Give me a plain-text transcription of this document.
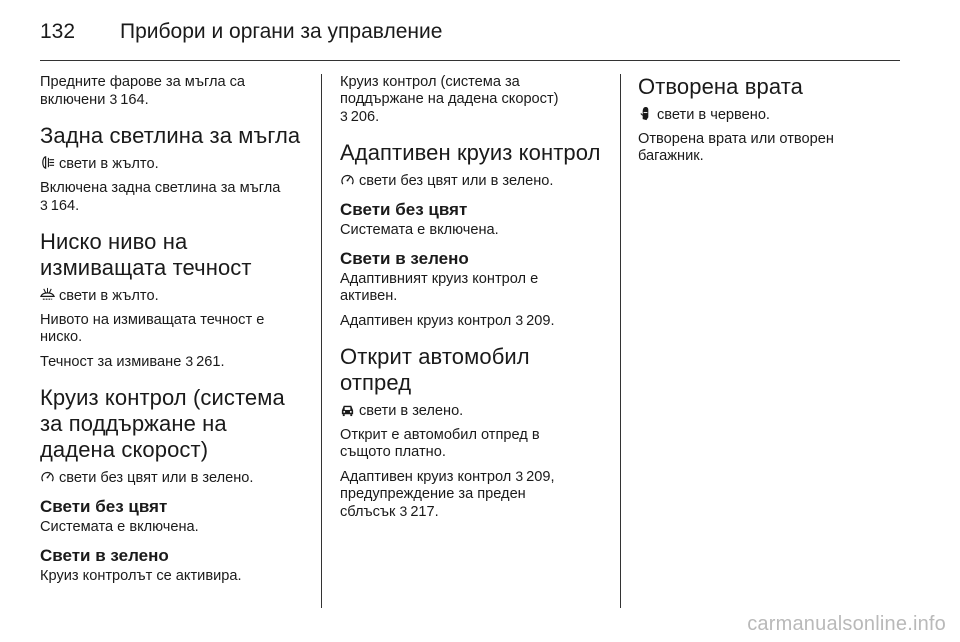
132	Прибори и органи за управление

Предните фарове за мъгла са
включени 3 164.

Задна светлина за мъгла

свети в жълто.

Включена задна светлина за мъгла
3 164.

Ниско ниво на
измиващата течност

свети в жълто.

Нивото на измиващата течност е
ниско.

Течност за измиване 3 261.

Круиз контрол (система
за поддържане на
дадена скорост)

свети без цвят или в зелено.

Свети без цвят

Системата е включена.

Свети в зелено

Круиз контролът се активира.

Круиз контрол (система за
поддържане на дадена скорост)
3 206.

Адаптивен круиз контрол

свети без цвят или в зелено.

Свети без цвят

Системата е включена.

Свети в зелено

Адаптивният круиз контрол е
активен.

Адаптивен круиз контрол 3 209.

Открит автомобил
отпред

свети в зелено.

Открит е автомобил отпред в
същото платно.

Адаптивен круиз контрол 3 209,
предупреждение за преден
сблъсък 3 217.

Отворена врата

свети в червено.

Отворена врата или отворен
багажник.

carmanualsonline.info
